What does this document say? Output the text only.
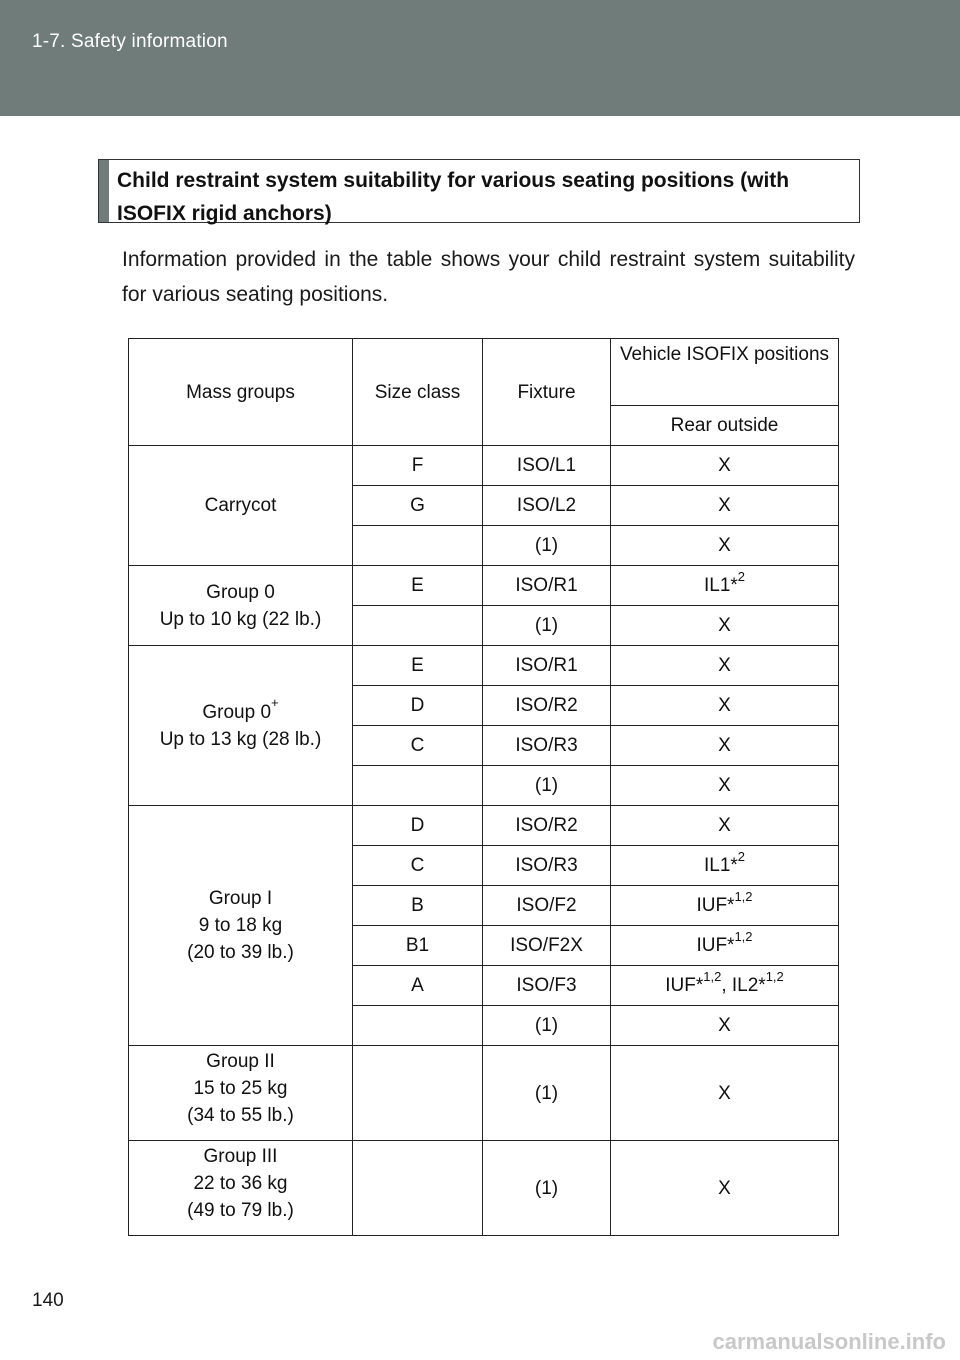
1-7. Safety information
Child restraint system suitability for various seating positions (with ISOFIX rigid anchors)
Information provided in the table shows your child restraint system suitability for various seating positions.
Mass groups	Size class	Fixture	Vehicle ISOFIX positions
			Rear outside
Carrycot	F	ISO/L1	X
	G	ISO/L2	X
		(1)	X
Group 0
Up to 10 kg (22 lb.)	E	ISO/R1	IL1*$^2$
		(1)	X
Group 0+
Up to 13 kg (28 lb.)	E	ISO/R1	X
	D	ISO/R2	X
	C	ISO/R3	X
		(1)	X
Group I
9 to 18 kg
(20 to 39 lb.)	D	ISO/R2	X
	C	ISO/R3	IL1*$^2$
	B	ISO/F2	IUF*$^{1,2}$
	B1	ISO/F2X	IUF*$^{1,2}$
	A	ISO/F3	IUF*$^{1,2}$, IL2*$^{1,2}$
		(1)	X
Group II
15 to 25 kg
(34 to 55 lb.)		(1)	X
Group III
22 to 36 kg
(49 to 79 lb.)		(1)	X
140
carmanualsonline.info
